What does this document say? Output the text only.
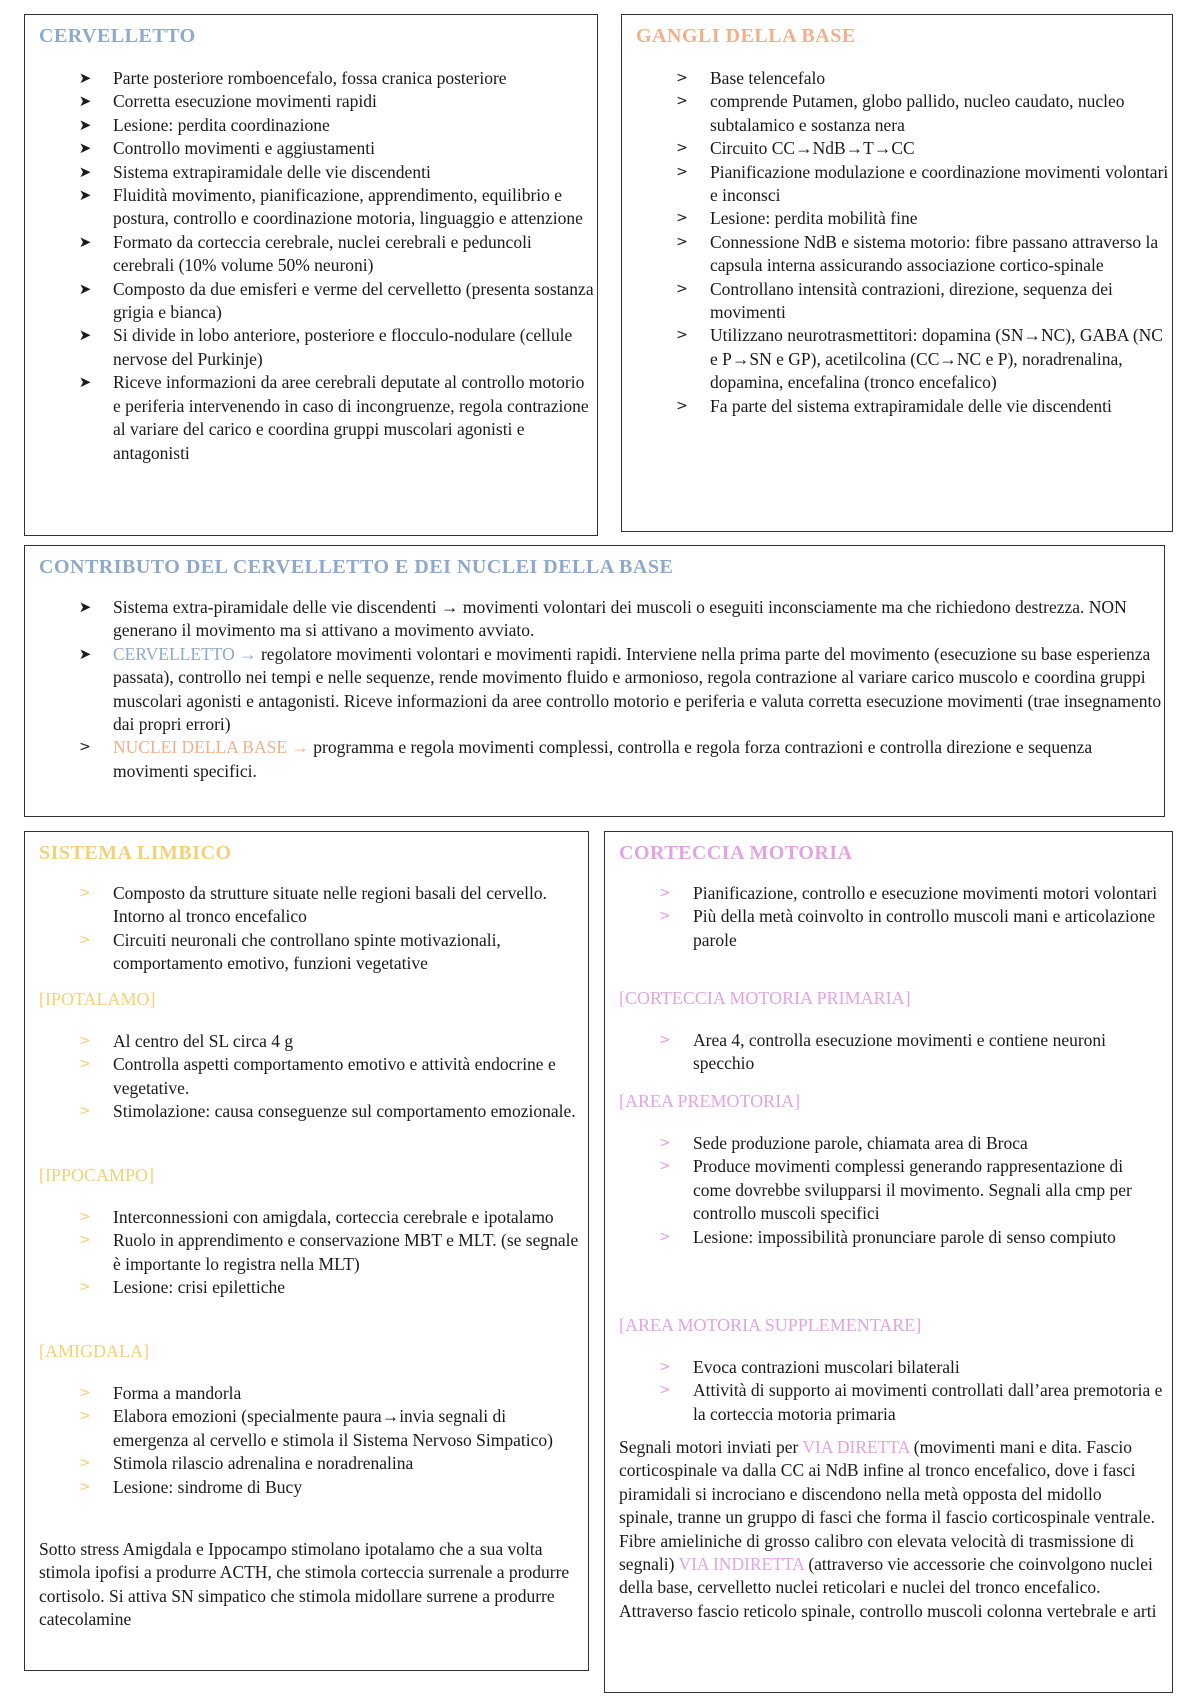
CERVELLETTO
➤ Parte posteriore romboencefalo, fossa cranica posteriore
➤ Corretta esecuzione movimenti rapidi
➤ Lesione: perdita coordinazione
➤ Controllo movimenti e aggiustamenti
➤ Sistema extrapiramidale delle vie discendenti
➤ Fluidità movimento, pianificazione, apprendimento, equilibrio e postura, controllo e coordinazione motoria, linguaggio e attenzione
➤ Formato da corteccia cerebrale, nuclei cerebrali e peduncoli cerebrali (10% volume 50% neuroni)
➤ Composto da due emisferi e verme del cervelletto (presenta sostanza grigia e bianca)
➤ Si divide in lobo anteriore, posteriore e flocculo-nodulare (cellule nervose del Purkinje)
➤ Riceve informazioni da aree cerebrali deputate al controllo motorio e periferia intervenendo in caso di incongruenze, regola contrazione al variare del carico e coordina gruppi muscolari agonisti e antagonisti
GANGLI DELLA BASE
> Base telencefalo
> comprende Putamen, globo pallido, nucleo caudato, nucleo subtalamico e sostanza nera
> Circuito CC→NdB→T→CC
> Pianificazione modulazione e coordinazione movimenti volontari e inconsci
> Lesione: perdita mobilità fine
> Connessione NdB e sistema motorio: fibre passano attraverso la capsula interna assicurando associazione cortico-spinale
> Controllano intensità contrazioni, direzione, sequenza dei movimenti
> Utilizzano neurotrasmettitori: dopamina (SN→NC), GABA (NC e P→SN e GP), acetilcolina (CC→NC e P), noradrenalina, dopamina, encefalina (tronco encefalico)
> Fa parte del sistema extrapiramidale delle vie discendenti
CONTRIBUTO DEL CERVELLETTO E DEI NUCLEI DELLA BASE
➤ Sistema extra-piramidale delle vie discendenti → movimenti volontari dei muscoli o eseguiti inconsciamente ma che richiedono destrezza. NON generano il movimento ma si attivano a movimento avviato.
➤ CERVELLETTO → regolatore movimenti volontari e movimenti rapidi. Interviene nella prima parte del movimento (esecuzione su base esperienza passata), controllo nei tempi e nelle sequenze, rende movimento fluido e armonioso, regola contrazione al variare carico muscolo e coordina gruppi muscolari agonisti e antagonisti. Riceve informazioni da aree controllo motorio e periferia e valuta corretta esecuzione movimenti (trae insegnamento dai propri errori)
> NUCLEI DELLA BASE → programma e regola movimenti complessi, controlla e regola forza contrazioni e controlla direzione e sequenza movimenti specifici.
SISTEMA LIMBICO
> Composto da strutture situate nelle regioni basali del cervello. Intorno al tronco encefalico
> Circuiti neuronali che controllano spinte motivazionali, comportamento emotivo, funzioni vegetative
[IPOTALAMO]
> Al centro del SL circa 4 g
> Controlla aspetti comportamento emotivo e attività endocrine e vegetative.
> Stimolazione: causa conseguenze sul comportamento emozionale.
[IPPOCAMPO]
> Interconnessioni con amigdala, corteccia cerebrale e ipotalamo
> Ruolo in apprendimento e conservazione MBT e MLT. (se segnale è importante lo registra nella MLT)
> Lesione: crisi epilettiche
[AMIGDALA]
> Forma a mandorla
> Elabora emozioni (specialmente paura→invia segnali di emergenza al cervello e stimola il Sistema Nervoso Simpatico)
> Stimola rilascio adrenalina e noradrenalina
> Lesione: sindrome di Bucy
Sotto stress Amigdala e Ippocampo stimolano ipotalamo che a sua volta stimola ipofisi a produrre ACTH, che stimola corteccia surrenale a produrre cortisolo. Si attiva SN simpatico che stimola midollare surrene a produrre catecolamine
CORTECCIA MOTORIA
> Pianificazione, controllo e esecuzione movimenti motori volontari
> Più della metà coinvolto in controllo muscoli mani e articolazione parole
[CORTECCIA MOTORIA PRIMARIA]
> Area 4, controlla esecuzione movimenti e contiene neuroni specchio
[AREA PREMOTORIA]
> Sede produzione parole, chiamata area di Broca
> Produce movimenti complessi generando rappresentazione di come dovrebbe svilupparsi il movimento. Segnali alla cmp per controllo muscoli specifici
> Lesione: impossibilità pronunciare parole di senso compiuto
[AREA MOTORIA SUPPLEMENTARE]
> Evoca contrazioni muscolari bilaterali
> Attività di supporto ai movimenti controllati dall’area premotoria e la corteccia motoria primaria
Segnali motori inviati per VIA DIRETTA (movimenti mani e dita. Fascio corticospinale va dalla CC ai NdB infine al tronco encefalico, dove i fasci piramidali si incrociano e discendono nella metà opposta del midollo spinale, tranne un gruppo di fasci che forma il fascio corticospinale ventrale. Fibre amieliniche di grosso calibro con elevata velocità di trasmissione di segnali) VIA INDIRETTA (attraverso vie accessorie che coinvolgono nuclei della base, cervelletto nuclei reticolari e nuclei del tronco encefalico. Attraverso fascio reticolo spinale, controllo muscoli colonna vertebrale e arti
